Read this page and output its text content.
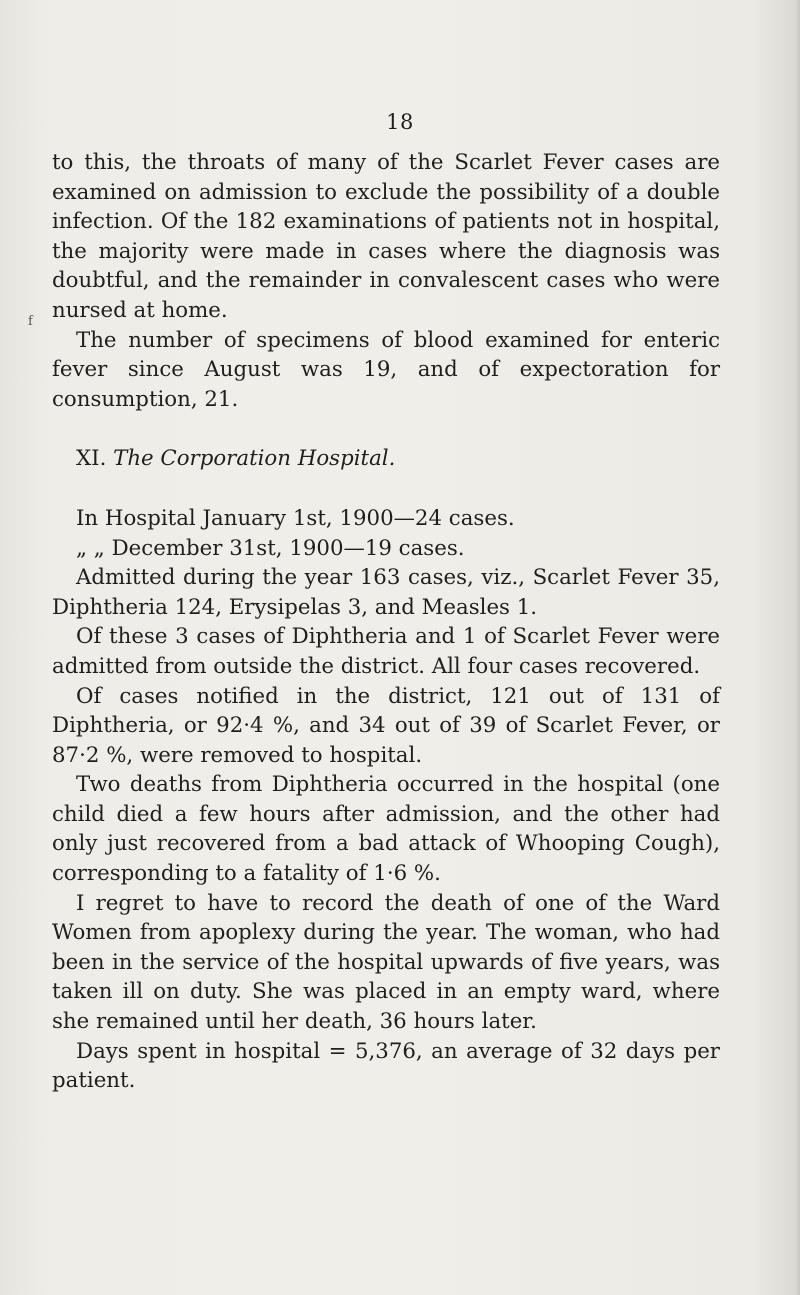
18
f

to this, the throats of many of the Scarlet Fever cases are examined on admission to exclude the possibility of a double infection. Of the 182 examinations of patients not in hospital, the majority were made in cases where the diagnosis was doubtful, and the remainder in convalescent cases who were nursed at home.

The number of specimens of blood examined for enteric fever since August was 19, and of expectoration for consumption, 21.

XI. The Corporation Hospital.

In Hospital January 1st, 1900—24 cases.

„ „ December 31st, 1900—19 cases.

Admitted during the year 163 cases, viz., Scarlet Fever 35, Diphtheria 124, Erysipelas 3, and Measles 1.

Of these 3 cases of Diphtheria and 1 of Scarlet Fever were admitted from outside the district. All four cases recovered.

Of cases notified in the district, 121 out of 131 of Diphtheria, or 92·4 %, and 34 out of 39 of Scarlet Fever, or 87·2 %, were removed to hospital.

Two deaths from Diphtheria occurred in the hospital (one child died a few hours after admission, and the other had only just recovered from a bad attack of Whooping Cough), corresponding to a fatality of 1·6 %.

I regret to have to record the death of one of the Ward Women from apoplexy during the year. The woman, who had been in the service of the hospital upwards of five years, was taken ill on duty. She was placed in an empty ward, where she remained until her death, 36 hours later.

Days spent in hospital = 5,376, an average of 32 days per patient.
